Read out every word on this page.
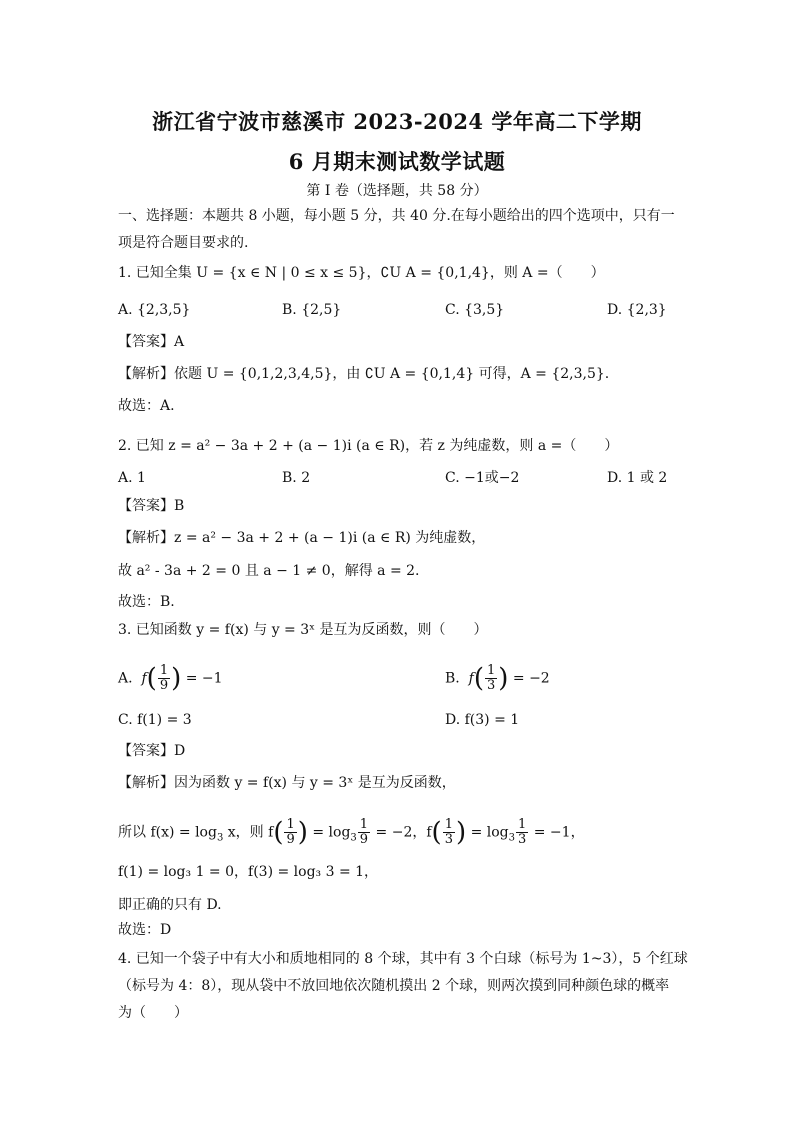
浙江省宁波市慈溪市 2023-2024 学年高二下学期
6 月期末测试数学试题
第 I 卷（选择题，共 58 分）
一、选择题：本题共 8 小题，每小题 5 分，共 40 分.在每小题给出的四个选项中，只有一
项是符合题目要求的.
1. 已知全集 U = {x ∈ N | 0 ≤ x ≤ 5}，∁U A = {0,1,4}，则 A =（　　）
A. {2,3,5}	B. {2,5}	C. {3,5}	D. {2,3}
【答案】A
【解析】依题 U = {0,1,2,3,4,5}，由 ∁U A = {0,1,4} 可得，A = {2,3,5}.
故选：A.
2. 已知 z = a² − 3a + 2 + (a − 1)i (a ∈ R)，若 z 为纯虚数，则 a =（　　）
A. 1	B. 2	C. −1或−2	D. 1 或 2
【答案】B
【解析】z = a² − 3a + 2 + (a − 1)i (a ∈ R) 为纯虚数，
故 a² - 3a + 2 = 0 且 a − 1 ≠ 0，解得 a = 2.
故选：B.
3. 已知函数 y = f(x) 与 y = 3ˣ 是互为反函数，则（　　）
A.  $f( \frac{1}{9}$ ) = −1	B.  $f( \frac{1}{3}$ ) = −2
C. f(1) = 3	D. f(3) = 1
【答案】D
【解析】因为函数 y = f(x) 与 y = 3ˣ 是互为反函数，
所以 $f(x) = \log_3 x$，则 $f( \frac{1}{9}$ ) = $\log_3 \frac{1}{9} = -2$，$f( \frac{1}{3}$ ) = $\log_3 \frac{1}{3} = -1$，
f(1) = log₃ 1 = 0，f(3) = log₃ 3 = 1，
即正确的只有 D.
故选：D
4. 已知一个袋子中有大小和质地相同的 8 个球，其中有 3 个白球（标号为 1~3），5 个红球
（标号为 4：8），现从袋中不放回地依次随机摸出 2 个球，则两次摸到同种颜色球的概率
为（　　）
